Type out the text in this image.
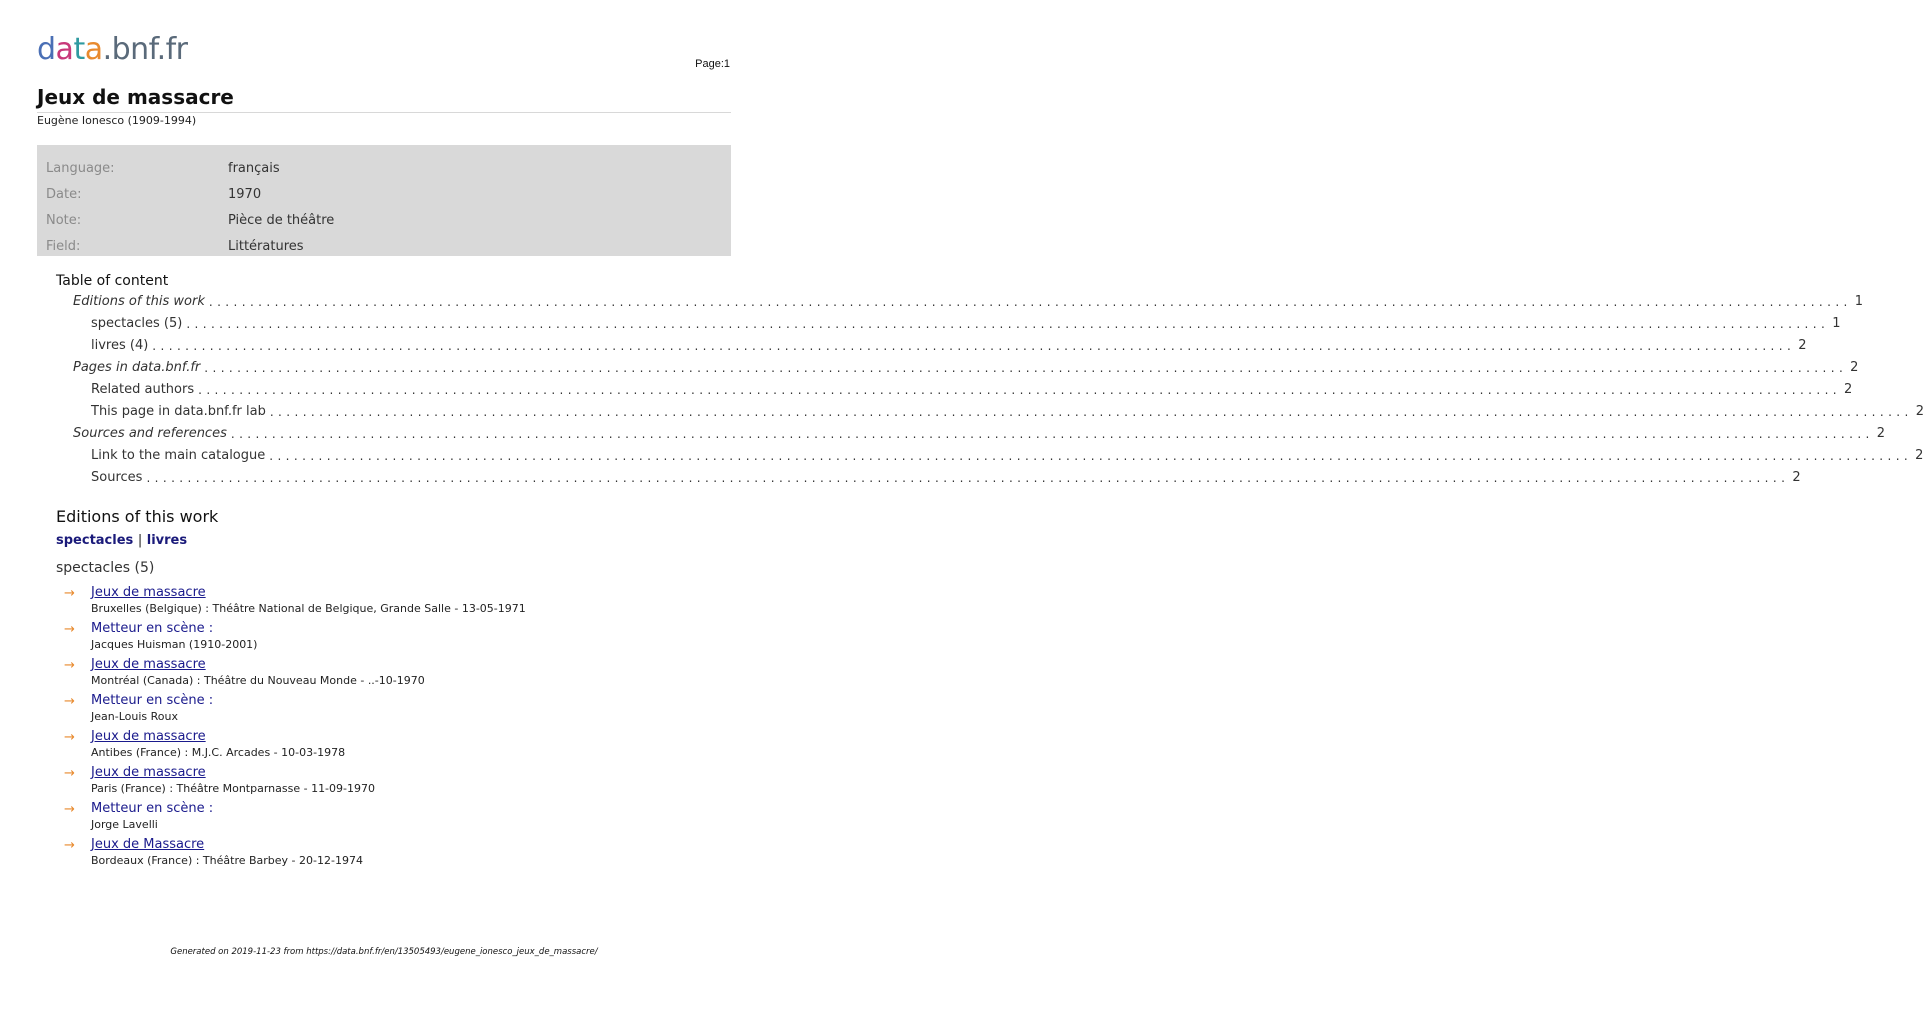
data.bnf.fr	Page:1
Jeux de massacre
Eugène Ionesco (1909-1994)
Language:	français
Date:	1970
Note:	Pièce de théâtre
Field:	Littératures
Table of content
Editions of this work ........................................................................................................................................................................................................ 1
spectacles (5) ........................................................................................................................................................................................................ 1
livres (4) ........................................................................................................................................................................................................ 2
Pages in data.bnf.fr ........................................................................................................................................................................................................ 2
Related authors ........................................................................................................................................................................................................ 2
This page in data.bnf.fr lab ........................................................................................................................................................................................................ 2
Sources and references ........................................................................................................................................................................................................ 2
Link to the main catalogue ........................................................................................................................................................................................................ 2
Sources ........................................................................................................................................................................................................ 2
Editions of this work
spectacles | livres
spectacles (5)
→ Jeux de massacre
Bruxelles (Belgique) : Théâtre National de Belgique, Grande Salle - 13-05-1971
→ Metteur en scène :
Jacques Huisman (1910-2001)
→ Jeux de massacre
Montréal (Canada) : Théâtre du Nouveau Monde - ..-10-1970
→ Metteur en scène :
Jean-Louis Roux
→ Jeux de massacre
Antibes (France) : M.J.C. Arcades - 10-03-1978
→ Jeux de massacre
Paris (France) : Théâtre Montparnasse - 11-09-1970
→ Metteur en scène :
Jorge Lavelli
→ Jeux de Massacre
Bordeaux (France) : Théâtre Barbey - 20-12-1974
Generated on 2019-11-23 from https://data.bnf.fr/en/13505493/eugene_ionesco_jeux_de_massacre/
